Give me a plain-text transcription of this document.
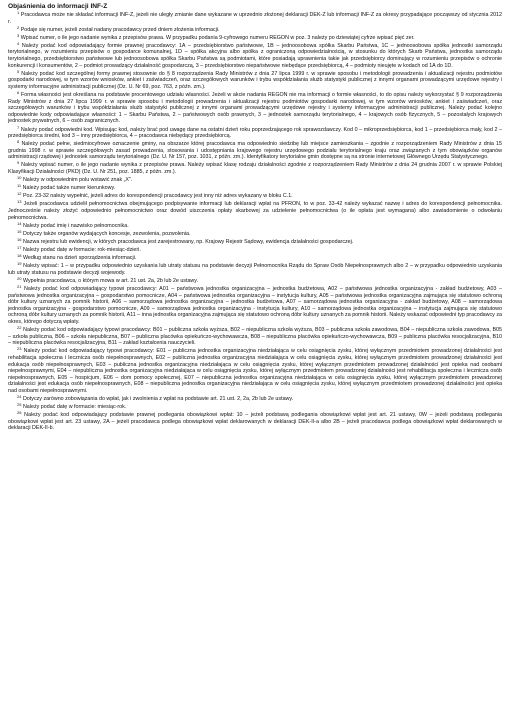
Objaśnienia do informacji INF-Z

$^1$ Pracodawca może nie składać informacji INF-Z, jeżeli nie uległy zmianie dane wykazane w uprzednio złożonej deklaracji DEK-Z lub informacji INF-Z za okresy przypadające począwszy od stycznia 2012 r.

$^2$ Podaje się numer, jeżeli został nadany pracodawcy przed dniem złożenia informacji.

$^3$ Wpisać numer, o ile jego nadanie wynika z przepisów prawa. W przypadku podania 9-cyfrowego numeru REGON w poz. 3 należy po dziewiątej cyfrze wpisać pięć zer.

$^4$ Należy podać kod odpowiadający formie prawnej pracodawcy: 1A – przedsiębiorstwo państwowe, 1B – jednoosobowa spółka Skarbu Państwa, 1C – jednoosobowa spółka jednostki samorządu terytorialnego, w rozumieniu przepisów o gospodarce komunalnej, 1D – spółka akcyjna albo spółka z ograniczoną odpowiedzialnością, w stosunku do których Skarb Państwa, jednostka samorządu terytorialnego, przedsiębiorstwo państwowe lub jednoosobowa spółka Skarbu Państwa są podmiotami, które posiadają uprawnienia takie jak przedsiębiorcy dominujący w rozumieniu przepisów o ochronie konkurencji i konsumentów, 2 – podmiot prowadzący działalność gospodarczą, 3 – przedsiębiorstwo niepaństwowe niebędące przedsiębiorcą, 4 – podmioty nieujęte w kodach od 1A do 1D.

$^5$ Należy podać kod szczególnej formy prawnej stosownie do § 8 rozporządzenia Rady Ministrów z dnia 27 lipca 1999 r. w sprawie sposobu i metodologii prowadzenia i aktualizacji rejestru podmiotów gospodarki narodowej, w tym wzorów wniosków, ankiet i zaświadczeń, oraz szczegółowych warunków i trybu współdziałania służb statystyki publicznej z innymi organami prowadzącymi urzędowe rejestry i systemy informacyjne administracji publicznej (Dz. U. Nr 69, poz. 763, z późn. zm.).

$^6$ Forma własności jest określana na podstawie procentowego udziału własności. Jeżeli w akcie nadania REGON nie ma informacji o formie własności, to do opisu należy wykorzystać § 9 rozporządzenia Rady Ministrów z dnia 27 lipca 1999 r. w sprawie sposobu i metodologii prowadzenia i aktualizacji rejestru podmiotów gospodarki narodowej, w tym wzorów wniosków, ankiet i zaświadczeń, oraz szczegółowych warunków i trybu współdziałania służb statystyki publicznej z innymi organami prowadzącymi urzędowe rejestry i systemy informacyjne administracji publicznej. Należy podać kolejno odpowiednie kody odpowiadające własności: 1 – Skarbu Państwa, 2 – państwowych osób prawnych, 3 – jednostek samorządu terytorialnego, 4 – krajowych osób fizycznych, 5 – pozostałych krajowych jednostek prywatnych, 6 – osób zagranicznych.

$^7$ Należy podać odpowiedni kod. Wpisując kod, należy brać pod uwagę dane na ostatni dzień roku poprzedzającego rok sprawozdawczy. Kod 0 – mikroprzedsiębiorca, kod 1 – przedsiębiorca mały, kod 2 – przedsiębiorca średni, kod 3 – inny przedsiębiorca, 4 – pracodawca niebędący przedsiębiorcą.

$^8$ Należy podać pełne, siedmiocyfrowe oznaczenie gminy, na obszarze której pracodawca ma odpowiednio siedzibę lub miejsce zamieszkania – zgodnie z rozporządzeniem Rady Ministrów z dnia 15 grudnia 1998 r. w sprawie szczegółowych zasad prowadzenia, stosowania i udostępniania krajowego rejestru urzędowego podziału terytorialnego kraju oraz związanych z tym obowiązków organów administracji rządowej i jednostek samorządu terytorialnego (Dz. U. Nr 157, poz. 1031, z późn. zm.). Identyfikatory terytorialne gmin dostępne są na stronie internetowej Głównego Urzędu Statystycznego.

$^9$ Należy wpisać numer, o ile jego nadanie wynika z przepisów prawa. Należy wpisać klasę rodzaju działalności zgodnie z rozporządzeniem Rady Ministrów z dnia 24 grudnia 2007 r. w sprawie Polskiej Klasyfikacji Działalności (PKD) (Dz. U. Nr 251, poz. 1885, z późn. zm.).

$^{10}$ Należy w odpowiednim polu wstawić znak „X”.

$^{11}$ Należy podać także numer kierunkowy.

$^{12}$ Poz. 23-32 należy wypełnić, jeżeli adres do korespondencji pracodawcy jest inny niż adres wykazany w bloku C.1.

$^{13}$ Jeżeli pracodawca udzielił pełnomocnictwa obejmującego podpisywanie informacji lub deklaracji wpłat na PFRON, to w poz. 33-42 należy wykazać nazwę i adres do korespondencji pełnomocnika. Jednocześnie należy złożyć odpowiednio pełnomocnictwo oraz dowód uiszczenia opłaty skarbowej za udzielenie pełnomocnictwa (o ile opłata jest wymagana) albo zawiadomienie o odwołaniu pełnomocnictwa.

$^{14}$ Należy podać imię i nazwisko pełnomocnika.

$^{15}$ Dotyczy także organów wydających koncesje, zezwolenia, pozwolenia.

$^{16}$ Nazwa rejestru lub ewidencji, w których pracodawca jest zarejestrowany, np. Krajowy Rejestr Sądowy, ewidencja działalności gospodarczej.

$^{17}$ Należy podać datę w formacie: rok-miesiąc-dzień.

$^{18}$ Według stanu na dzień sporządzenia informacji.

$^{19}$ Należy wpisać: 1 – w przypadku odpowiednio uzyskania lub utraty statusu na podstawie decyzji Pełnomocnika Rządu do Spraw Osób Niepełnosprawnych albo 2 – w przypadku odpowiednio uzyskania lub utraty statusu na podstawie decyzji wojewody.

$^{20}$ Wypełnia pracodawca, o którym mowa w art. 21 ust. 2a, 2b lub 2e ustawy.

$^{21}$ Należy podać kod odpowiadający typowi pracodawcy: A01 – państwowa jednostka organizacyjna – jednostka budżetowa, A02 – państwowa jednostka organizacyjna - zakład budżetowy, A03 – państwowa jednostka organizacyjna – gospodarstwo pomocnicze, A04 – państwowa jednostka organizacyjna – instytucja kultury, A05 – państwowa jednostka organizacyjna zajmująca się statutowo ochroną dóbr kultury uznanych za pomnik historii, A06 – samorządowa jednostka organizacyjna – jednostka budżetowa, A07 – samorządowa jednostka organizacyjna - zakład budżetowy, A08 – samorządowa jednostka organizacyjna - gospodarstwo pomocnicze, A09 – samorządowa jednostka organizacyjna - instytucja kultury, A10 – samorządowa jednostka organizacyjna – instytucja zajmująca się statutowo ochroną dóbr kultury uznanych za pomnik historii, A11 – inna jednostka organizacyjna zajmująca się statutowo ochroną dóbr kultury uznanych za pomnik historii. Należy wskazać odpowiedni typ pracodawcy za okres, którego dotyczą wpłaty.

$^{22}$ Należy podać kod odpowiadający typowi pracodawcy: B01 – publiczna szkoła wyższa, B02 – niepubliczna szkoła wyższa, B03 – publiczna szkoła zawodowa, B04 – niepubliczna szkoła zawodowa, B05 – szkoła publiczna, B06 – szkoła niepubliczna, B07 – publiczna placówka opiekuńczo-wychowawcza, B08 – niepubliczna placówka opiekuńczo-wychowawcza, B09 – publiczna placówka resocjalizacyjna, B10 – niepubliczna placówka resocjalizacyjna, B11 – zakład kształcenia nauczycieli.

$^{23}$ Należy podać kod odpowiadający typowi pracodawcy: E01 – publiczna jednostka organizacyjna niedziałająca w celu osiągnięcia zysku, której wyłącznym przedmiotem prowadzonej działalności jest rehabilitacja społeczna i lecznicza osób niepełnosprawnych, E02 – publiczna jednostka organizacyjna niedziałająca w celu osiągnięcia zysku, której wyłącznym przedmiotem prowadzonej działalności jest edukacja osób niepełnosprawnych, E03 – publiczna jednostka organizacyjna niedziałająca w celu osiągnięcia zysku, której wyłącznym przedmiotem prowadzonej działalności jest opieka nad osobami niepełnosprawnymi, E04 – niepubliczna jednostka organizacyjna niedziałająca w celu osiągnięcia zysku, której wyłącznym przedmiotem prowadzonej działalności jest rehabilitacja społeczna i lecznicza osób niepełnosprawnych, E05 – hospicjum, E06 – dom pomocy społecznej, E07 – niepubliczna jednostka organizacyjna niedziałająca w celu osiągnięcia zysku, której wyłącznym przedmiotem prowadzonej działalności jest edukacja osób niepełnosprawnych, E08 – niepubliczna jednostka organizacyjna niedziałająca w celu osiągnięcia zysku, której wyłącznym przedmiotem prowadzonej działalności jest opieka nad osobami niepełnosprawnymi.

$^{24}$ Dotyczy zarówno zobowiązania do wpłat, jak i zwolnienia z wpłat na podstawie art. 21 ust. 2, 2a, 2b lub 2e ustawy.

$^{25}$ Należy podać datę w formacie: miesiąc-rok.

$^{26}$ Należy podać kod odpowiadający podstawie prawnej podlegania obowiązkowi wpłat: 10 – jeżeli podstawą podlegania obowiązkowi wpłat jest art. 21 ustawy, 0W – jeżeli podstawą podlegania obowiązkowi wpłat jest art. 23 ustawy, 2A – jeżeli pracodawca podlega obowiązkowi wpłat deklarowanych w deklaracji DEK-II-a albo 2B – jeżeli pracodawca podlega obowiązkowi wpłat deklarowanych w deklaracji DEK-II-b.
